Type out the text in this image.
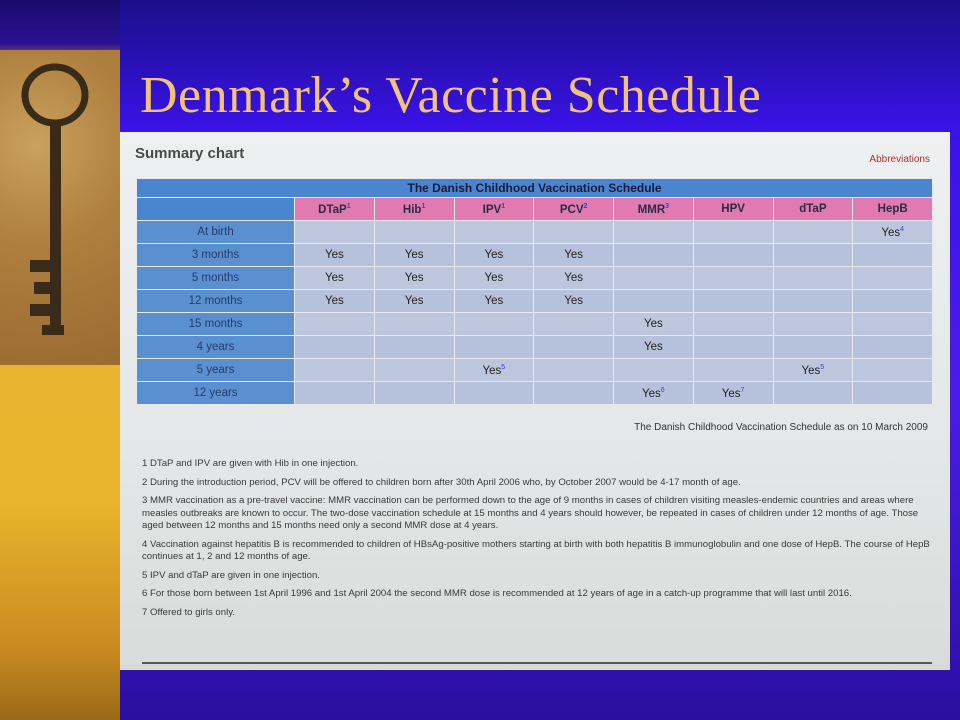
Denmark’s Vaccine Schedule
Summary chart	Abbreviations
The Danish Childhood Vaccination Schedule								
	DTaP$^1$	Hib$^1$	IPV$^1$	PCV$^2$	MMR$^3$	HPV	dTaP	HepB
At birth								Yes$^4$
3 months	Yes	Yes	Yes	Yes				
5 months	Yes	Yes	Yes	Yes				
12 months	Yes	Yes	Yes	Yes				
15 months					Yes			
4 years					Yes			
5 years			Yes$^5$				Yes$^5$	
12 years					Yes$^6$	Yes$^7$		
The Danish Childhood Vaccination Schedule as on 10 March 2009
1 DTaP and IPV are given with Hib in one injection.
2 During the introduction period, PCV will be offered to children born after 30th April 2006 who, by October 2007 would be 4-17 month of age.
3 MMR vaccination as a pre-travel vaccine: MMR vaccination can be performed down to the age of 9 months in cases of children visiting measles-endemic countries and areas where measles outbreaks are known to occur. The two-dose vaccination schedule at 15 months and 4 years should however, be repeated in cases of children under 12 months of age. Those aged between 12 months and 15 months need only a second MMR dose at 4 years.
4 Vaccination against hepatitis B is recommended to children of HBsAg-positive mothers starting at birth with both hepatitis B immunoglobulin and one dose of HepB. The course of HepB continues at 1, 2 and 12 months of age.
5 IPV and dTaP are given in one injection.
6 For those born between 1st April 1996 and 1st April 2004 the second MMR dose is recommended at 12 years of age in a catch-up programme that will last until 2016.
7 Offered to girls only.
